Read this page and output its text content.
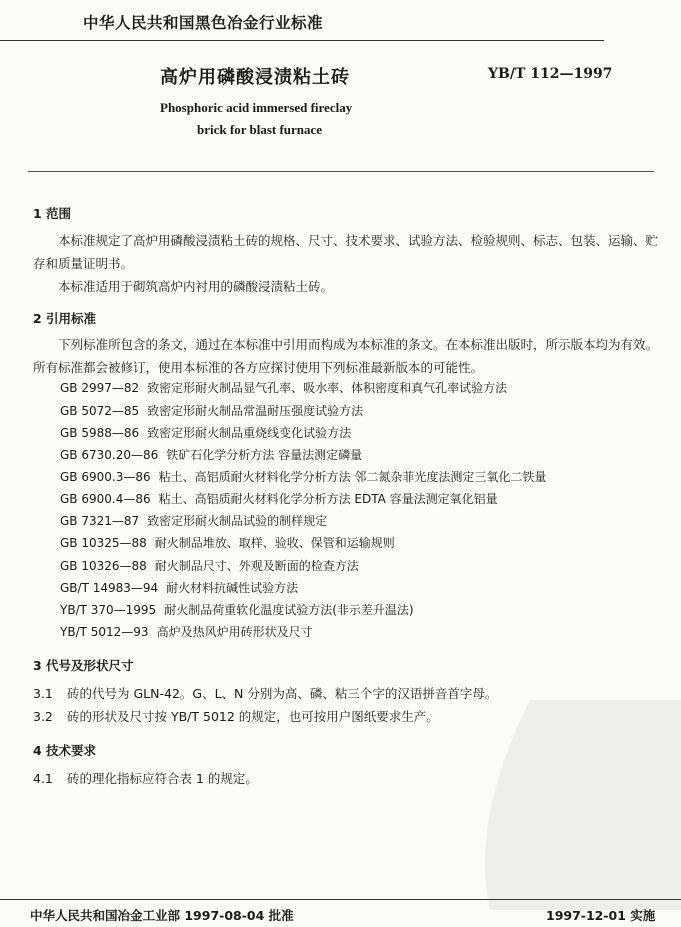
中华人民共和国黑色冶金行业标准
高炉用磷酸浸渍粘土砖	YB/T 112—1997
Phosphoric acid immersed fireclay
brick for blast furnace
1 范围
本标准规定了高炉用磷酸浸渍粘土砖的规格、尺寸、技术要求、试验方法、检验规则、标志、包装、运输、贮存和质量证明书。
本标准适用于砌筑高炉内衬用的磷酸浸渍粘土砖。
2 引用标准
下列标准所包含的条文，通过在本标准中引用而构成为本标准的条文。在本标准出版时，所示版本均为有效。所有标准都会被修订，使用本标准的各方应探讨使用下列标准最新版本的可能性。
GB 2997—82 致密定形耐火制品显气孔率、吸水率、体积密度和真气孔率试验方法
GB 5072—85 致密定形耐火制品常温耐压强度试验方法
GB 5988—86 致密定形耐火制品重烧线变化试验方法
GB 6730.20—86 铁矿石化学分析方法 容量法测定磷量
GB 6900.3—86 粘土、高铝质耐火材料化学分析方法 邻二氮杂菲光度法测定三氧化二铁量
GB 6900.4—86 粘土、高铝质耐火材料化学分析方法 EDTA 容量法测定氧化铝量
GB 7321—87 致密定形耐火制品试验的制样规定
GB 10325—88 耐火制品堆放、取样、验收、保管和运输规则
GB 10326—88 耐火制品尺寸、外观及断面的检查方法
GB/T 14983—94 耐火材料抗碱性试验方法
YB/T 370—1995 耐火制品荷重软化温度试验方法(非示差升温法)
YB/T 5012—93 高炉及热风炉用砖形状及尺寸
3 代号及形状尺寸
3.1 砖的代号为 GLN-42。G、L、N 分别为高、磷、粘三个字的汉语拼音首字母。
3.2 砖的形状及尺寸按 YB/T 5012 的规定，也可按用户图纸要求生产。
4 技术要求
4.1 砖的理化指标应符合表 1 的规定。
中华人民共和国冶金工业部 1997-08-04 批准	1997-12-01 实施
